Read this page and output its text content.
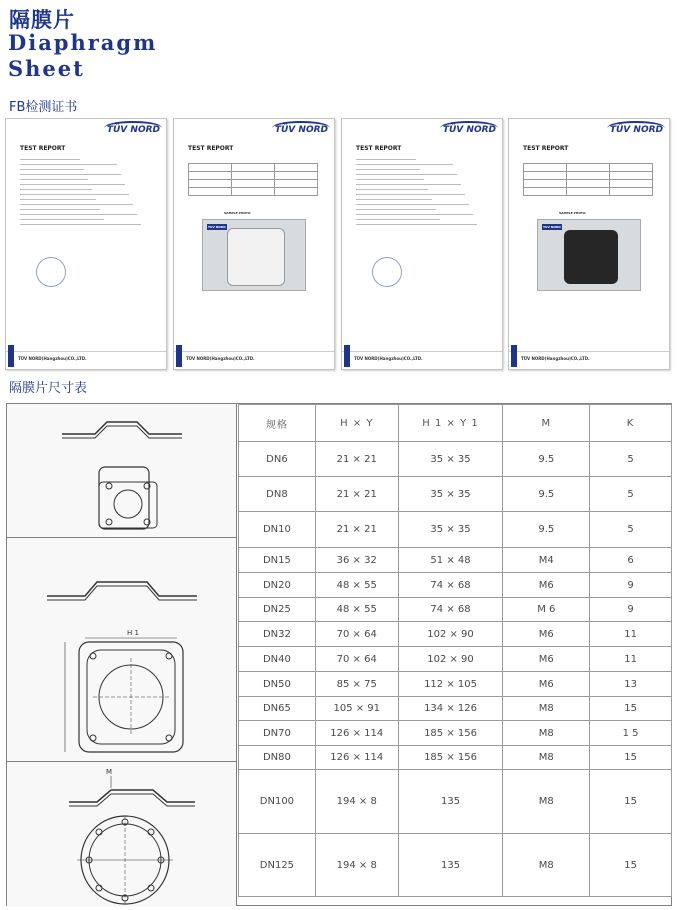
隔膜片
Diaphragm
Sheet
FB检测证书
TÜV NORD
TEST REPORT
TÜV NORD(Hangzhou)CO.,LTD.
TÜV NORD
TEST REPORT

SAMPLE PHOTO
TUV NORD
TÜV NORD(Hangzhou)CO.,LTD.
TÜV NORD
TEST REPORT
TÜV NORD(Hangzhou)CO.,LTD.
TÜV NORD
TEST REPORT

SAMPLE PHOTO
TUV NORD
TÜV NORD(Hangzhou)CO.,LTD.
隔膜片尺寸表
H 1
M
规格	H × Y	H 1 × Y 1	M	K
DN6	21 × 21	35 × 35	9.5	5
DN8	21 × 21	35 × 35	9.5	5
DN10	21 × 21	35 × 35	9.5	5
DN15	36 × 32	51 × 48	M4	6
DN20	48 × 55	74 × 68	M6	9
DN25	48 × 55	74 × 68	M 6	9
DN32	70 × 64	102 × 90	M6	11
DN40	70 × 64	102 × 90	M6	11
DN50	85 × 75	112 × 105	M6	13
DN65	105 × 91	134 × 126	M8	15
DN70	126 × 114	185 × 156	M8	1 5
DN80	126 × 114	185 × 156	M8	15
DN100	194 × 8	135	M8	15
DN125	194 × 8	135	M8	15
